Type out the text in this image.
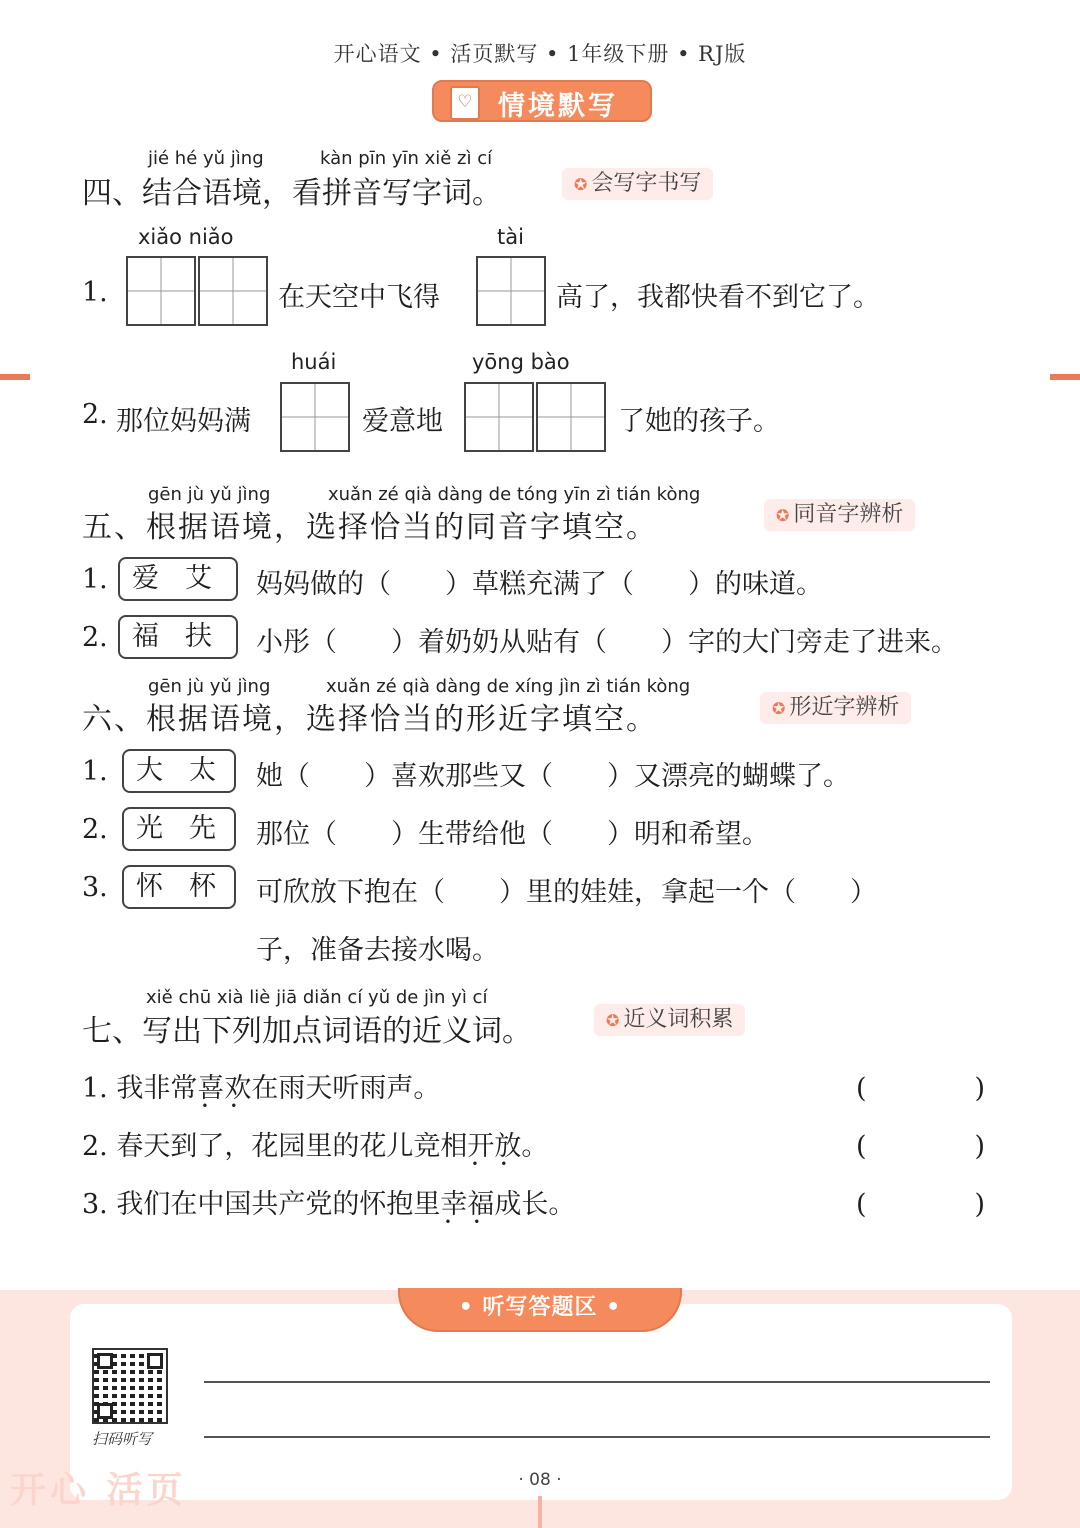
开心语文 • 活页默写 • 1年级下册 • RJ版
♡ 情境默写
jié hé yǔ jìng	kàn pīn yīn xiě zì cí
四、结合语境，看拼音写字词。	✪ 会写字书写
xiǎo niǎo	tài
1.	在天空中飞得	高了，我都快看不到它了。
huái	yōng bào
2. 那位妈妈满	爱意地	了她的孩子。
gēn jù yǔ jìng	xuǎn zé qià dàng de tóng yīn zì tián kòng
五、根据语境，选择恰当的同音字填空。	✪ 同音字辨析
1. 爱艾 妈妈做的（　　）草糕充满了（　　）的味道。
2. 福扶 小彤（　　）着奶奶从贴有（　　）字的大门旁走了进来。
gēn jù yǔ jìng	xuǎn zé qià dàng de xíng jìn zì tián kòng
六、根据语境，选择恰当的形近字填空。	✪ 形近字辨析
1.	大太 她（　　）喜欢那些又（　　）又漂亮的蝴蝶了。
2.	光先 那位（　　）生带给他（　　）明和希望。
3.	怀杯 可欣放下抱在（　　）里的娃娃，拿起一个（　　）
子，准备去接水喝。
xiě chū xià liè jiā diǎn cí yǔ de jìn yì cí
七、写出下列加点词语的近义词。	✪ 近义词积累
1. 我非常喜欢 • •在雨天听雨声。	(　　　　)
2. 春天到了，花园里的花儿竞相开放 • •。	(　　　　)
3. 我们在中国共产党的怀抱里幸福 • •成长。	(　　　　)
• 听写答题区 •
扫码听写
开心 活页	· 08 ·
